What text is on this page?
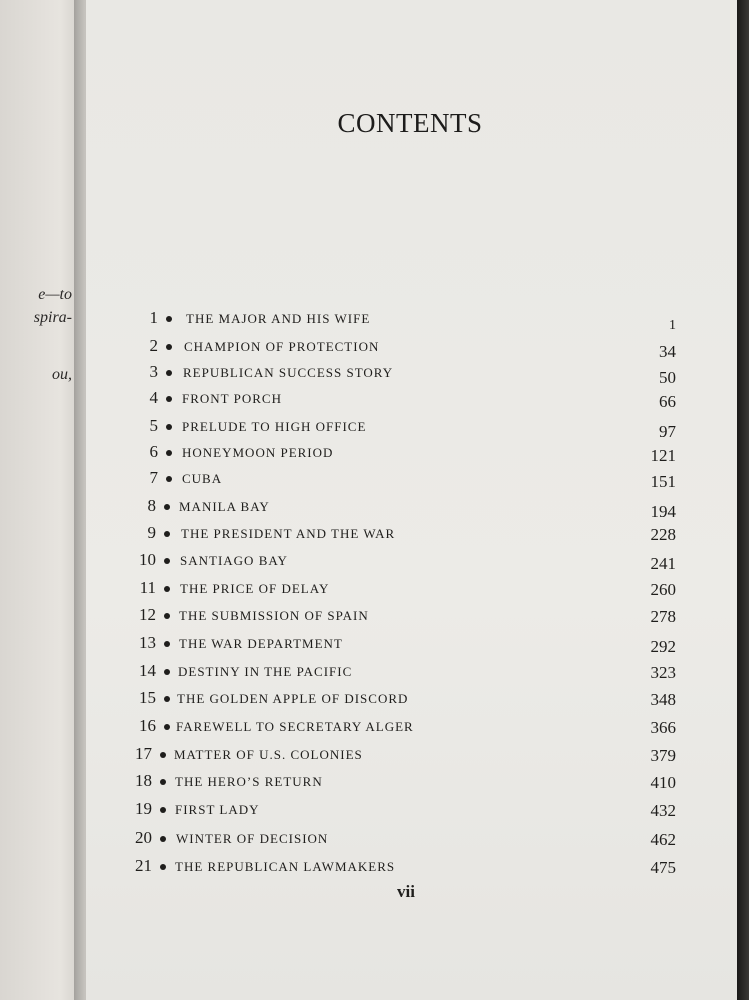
e—to
spira-
ou,
CONTENTS
1 THE MAJOR AND HIS WIFE	1
2 CHAMPION OF PROTECTION	34
3 REPUBLICAN SUCCESS STORY	50
4 FRONT PORCH	66
5 PRELUDE TO HIGH OFFICE	97
6 HONEYMOON PERIOD	121
7 CUBA	151
8 MANILA BAY	194
9 THE PRESIDENT AND THE WAR	228
10 SANTIAGO BAY	241
11 THE PRICE OF DELAY	260
12 THE SUBMISSION OF SPAIN	278
13 THE WAR DEPARTMENT	292
14 DESTINY IN THE PACIFIC	323
15 THE GOLDEN APPLE OF DISCORD	348
16 FAREWELL TO SECRETARY ALGER	366
17 MATTER OF U.S. COLONIES	379
18 THE HERO’S RETURN	410
19 FIRST LADY	432
20 WINTER OF DECISION	462
21 THE REPUBLICAN LAWMAKERS	475
vii
